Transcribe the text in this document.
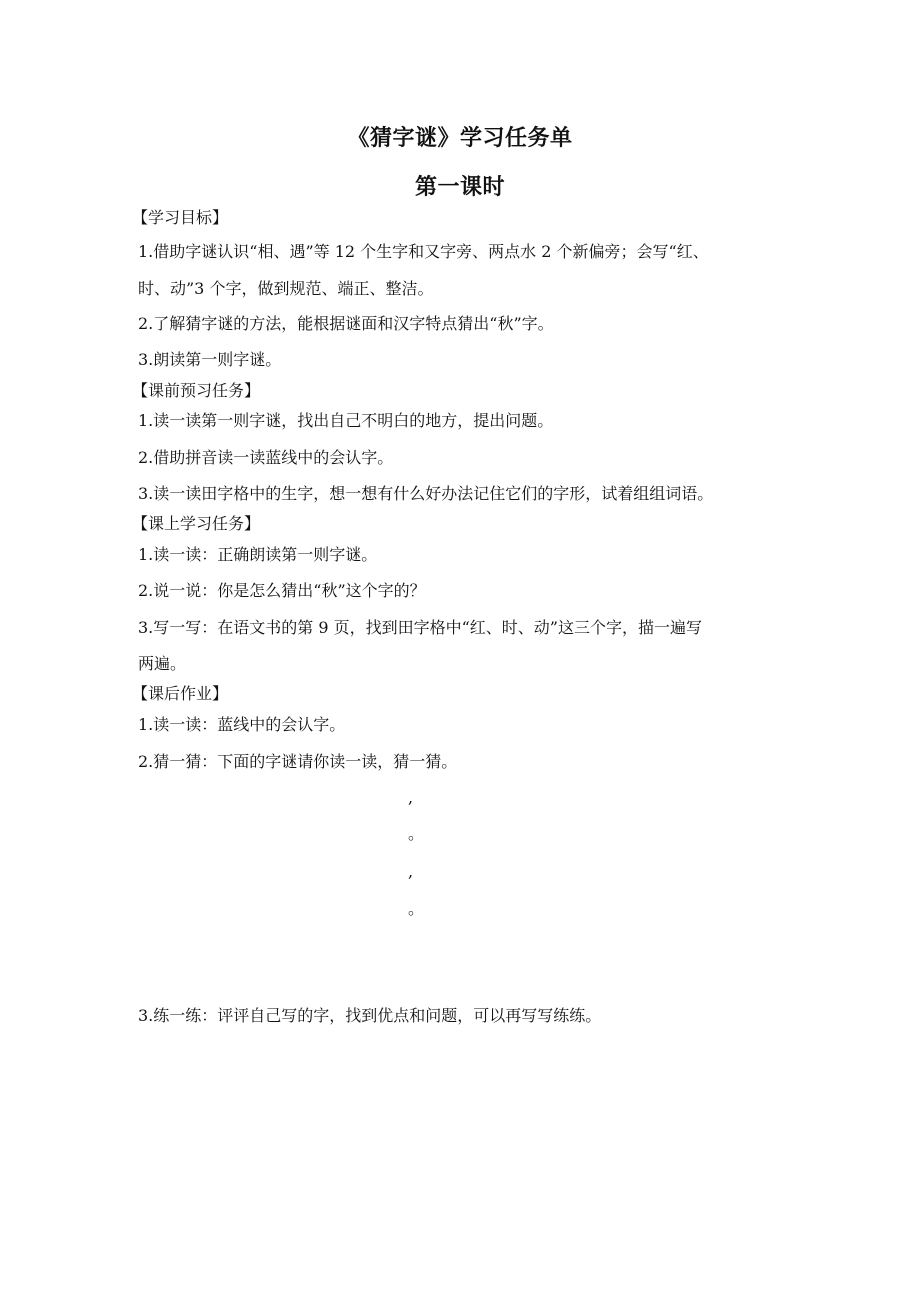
《猜字谜》学习任务单
第一课时
【学习目标】
1.借助字谜认识“相、遇”等 12 个生字和又字旁、两点水 2 个新偏旁；会写“红、
时、动”3 个字，做到规范、端正、整洁。
2.了解猜字谜的方法，能根据谜面和汉字特点猜出“秋”字。
3.朗读第一则字谜。
【课前预习任务】
1.读一读第一则字谜，找出自己不明白的地方，提出问题。
2.借助拼音读一读蓝线中的会认字。
3.读一读田字格中的生字，想一想有什么好办法记住它们的字形，试着组组词语。
【课上学习任务】
1.读一读：正确朗读第一则字谜。
2.说一说：你是怎么猜出“秋”这个字的？
3.写一写：在语文书的第 9 页，找到田字格中“红、时、动”这三个字，描一遍写
两遍。
【课后作业】
1.读一读：蓝线中的会认字。
2.猜一猜：下面的字谜请你读一读，猜一猜。
,
。
,
。
3.练一练：评评自己写的字，找到优点和问题，可以再写写练练。
